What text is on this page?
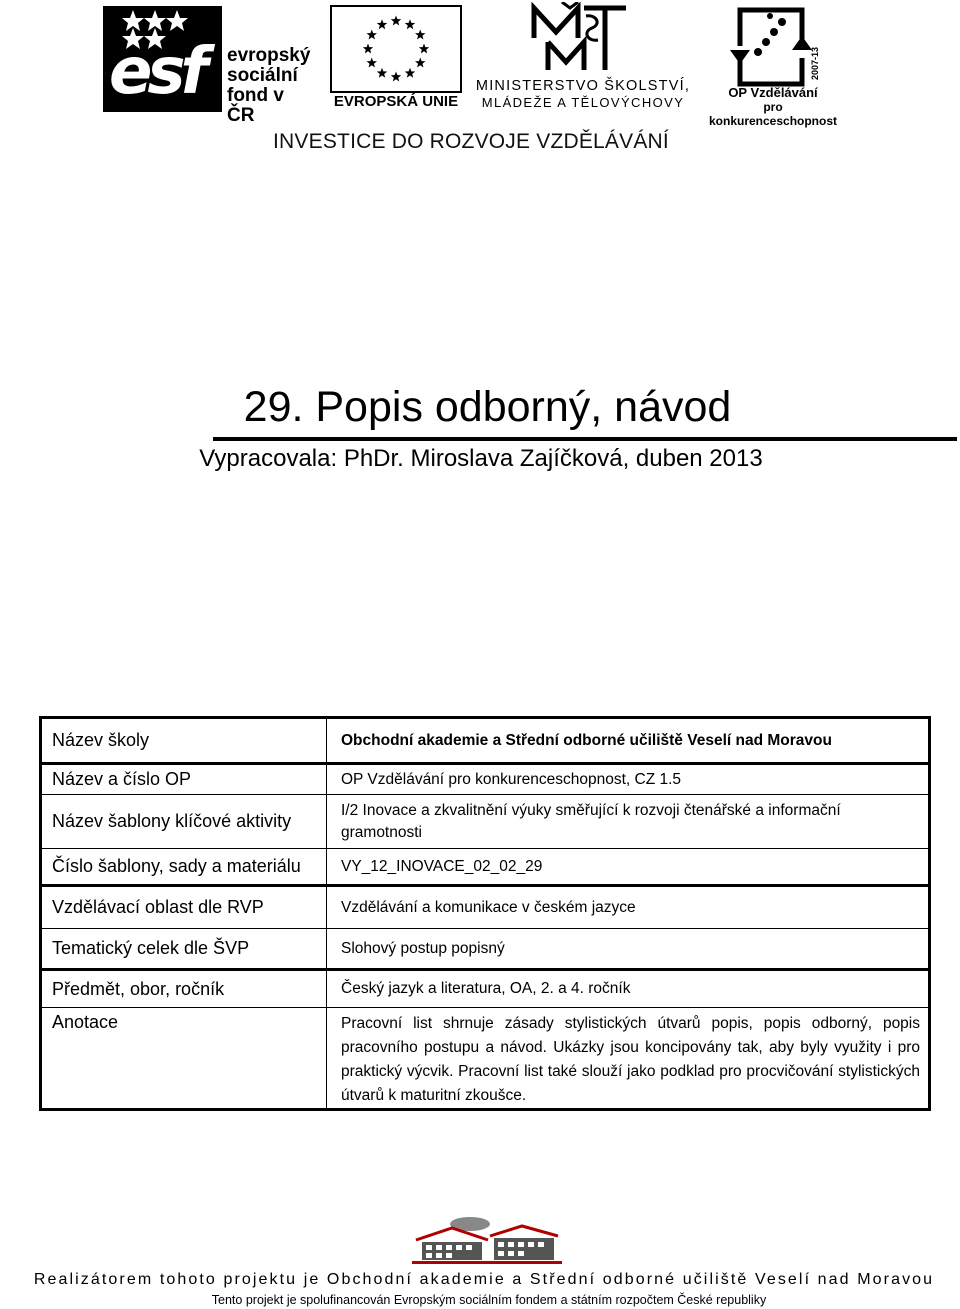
esf evropský
sociální
fond v ČR
EVROPSKÁ UNIE
MINISTERSTVO ŠKOLSTVÍ,
MLÁDEŽE A TĚLOVÝCHOVY
2007-13
OP Vzdělávání
pro konkurenceschopnost
INVESTICE DO ROZVOJE VZDĚLÁVÁNÍ
29. Popis odborný, návod
Vypracovala: PhDr. Miroslava Zajíčková, duben 2013
Název školy	Obchodní akademie a Střední odborné učiliště Veselí nad Moravou
Název a číslo OP	OP Vzdělávání pro konkurenceschopnost, CZ 1.5
Název šablony klíčové aktivity	I/2 Inovace a zkvalitnění výuky směřující k rozvoji čtenářské a informační gramotnosti
Číslo šablony, sady a materiálu	VY_12_INOVACE_02_02_29
Vzdělávací oblast dle RVP	Vzdělávání a komunikace v českém jazyce
Tematický celek dle ŠVP	Slohový postup popisný
Předmět, obor, ročník	Český jazyk a literatura, OA, 2. a 4. ročník
Anotace	Pracovní list shrnuje zásady stylistických útvarů popis, popis odborný, popis pracovního postupu a návod. Ukázky jsou koncipovány tak, aby byly využity i pro praktický výcvik. Pracovní list také slouží jako podklad pro procvičování stylistických útvarů k maturitní zkoušce.
Realizátorem tohoto projektu je Obchodní akademie a Střední odborné učiliště Veselí nad Moravou
Tento projekt je spolufinancován Evropským sociálním fondem a státním rozpočtem České republiky
